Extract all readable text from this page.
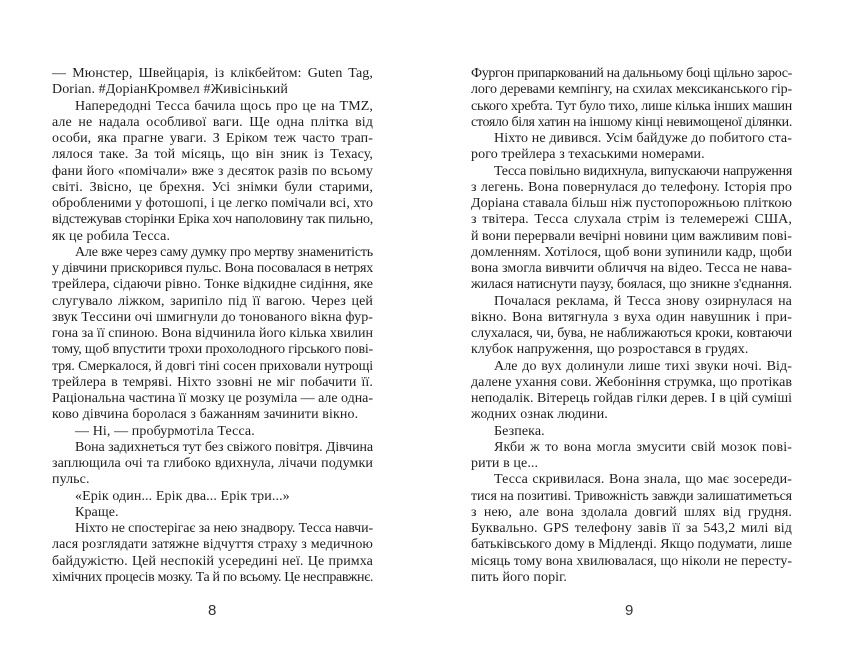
— Мюнстер, Швейцарія, із клікбейтом: Guten Tag,
Dorian. #ДоріанКромвел #Живісінький
Напередодні Тесса бачила щось про це на TMZ,
але не надала особливої ваги. Ще одна плітка від
особи, яка прагне уваги. З Еріком теж часто трап-
лялося таке. За той місяць, що він зник із Техасу,
фани його «помічали» вже з десяток разів по всьому
світі. Звісно, це брехня. Усі знімки були старими,
обробленими у фотошопі, і це легко помічали всі, хто
відстежував сторінки Еріка хоч наполовину так пильно,
як це робила Тесса.
Але вже через саму думку про мертву знаменитість
у дівчини прискорився пульс. Вона посовалася в нетрях
трейлера, сідаючи рівно. Тонке відкидне сидіння, яке
слугувало ліжком, зарипіло під її вагою. Через цей
звук Тессини очі шмигнули до тонованого вікна фур-
гона за її спиною. Вона відчинила його кілька хвилин
тому, щоб впустити трохи прохолодного гірського пові-
тря. Смеркалося, й довгі тіні сосен приховали нутрощі
трейлера в темряві. Ніхто ззовні не міг побачити її.
Раціональна частина її мозку це розуміла — але одна-
ково дівчина боролася з бажанням зачинити вікно.
— Ні, — пробурмотіла Тесса.
Вона задихнеться тут без свіжого повітря. Дівчина
заплющила очі та глибоко вдихнула, лічачи подумки
пульс.
«Ерік один... Ерік два... Ерік три...»
Краще.
Ніхто не спостерігає за нею знадвору. Тесса навчи-
лася розглядати затяжне відчуття страху з медичною
байдужістю. Цей неспокій усередині неї. Це примха
хімічних процесів мозку. Та й по всьому. Це несправжнє.
Фургон припаркований на дальньому боці щільно зарос-
лого деревами кемпінгу, на схилах мексиканського гір-
ського хребта. Тут було тихо, лише кілька інших машин
стояло біля хатин на іншому кінці невимощеної ділянки.
Ніхто не дивився. Усім байдуже до побитого ста-
рого трейлера з техаськими номерами.
Тесса повільно видихнула, випускаючи напруження
з легень. Вона повернулася до телефону. Історія про
Доріана ставала більш ніж пустопорожньою пліткою
з твітера. Тесса слухала стрім із телемережі США,
й вони перервали вечірні новини цим важливим пові-
домленням. Хотілося, щоб вони зупинили кадр, щоби
вона змогла вивчити обличчя на відео. Тесса не нава-
жилася натиснути паузу, боялася, що зникне з'єднання.
Почалася реклама, й Тесса знову озирнулася на
вікно. Вона витягнула з вуха один навушник і при-
слухалася, чи, бува, не наближаються кроки, ковтаючи
клубок напруження, що розростався в грудях.
Але до вух долинули лише тихі звуки ночі. Від-
далене ухання сови. Жебоніння струмка, що протікав
неподалік. Вітерець гойдав гілки дерев. І в цій суміші
жодних ознак людини.
Безпека.
Якби ж то вона могла змусити свій мозок пові-
рити в це...
Тесса скривилася. Вона знала, що має зосереди-
тися на позитиві. Тривожність завжди залишатиметься
з нею, але вона здолала довгий шлях від грудня.
Буквально. GPS телефону завів її за 543,2 милі від
батьківського дому в Мідленді. Якщо подумати, лише
місяць тому вона хвилювалася, що ніколи не пересту-
пить його поріг.
8	9
